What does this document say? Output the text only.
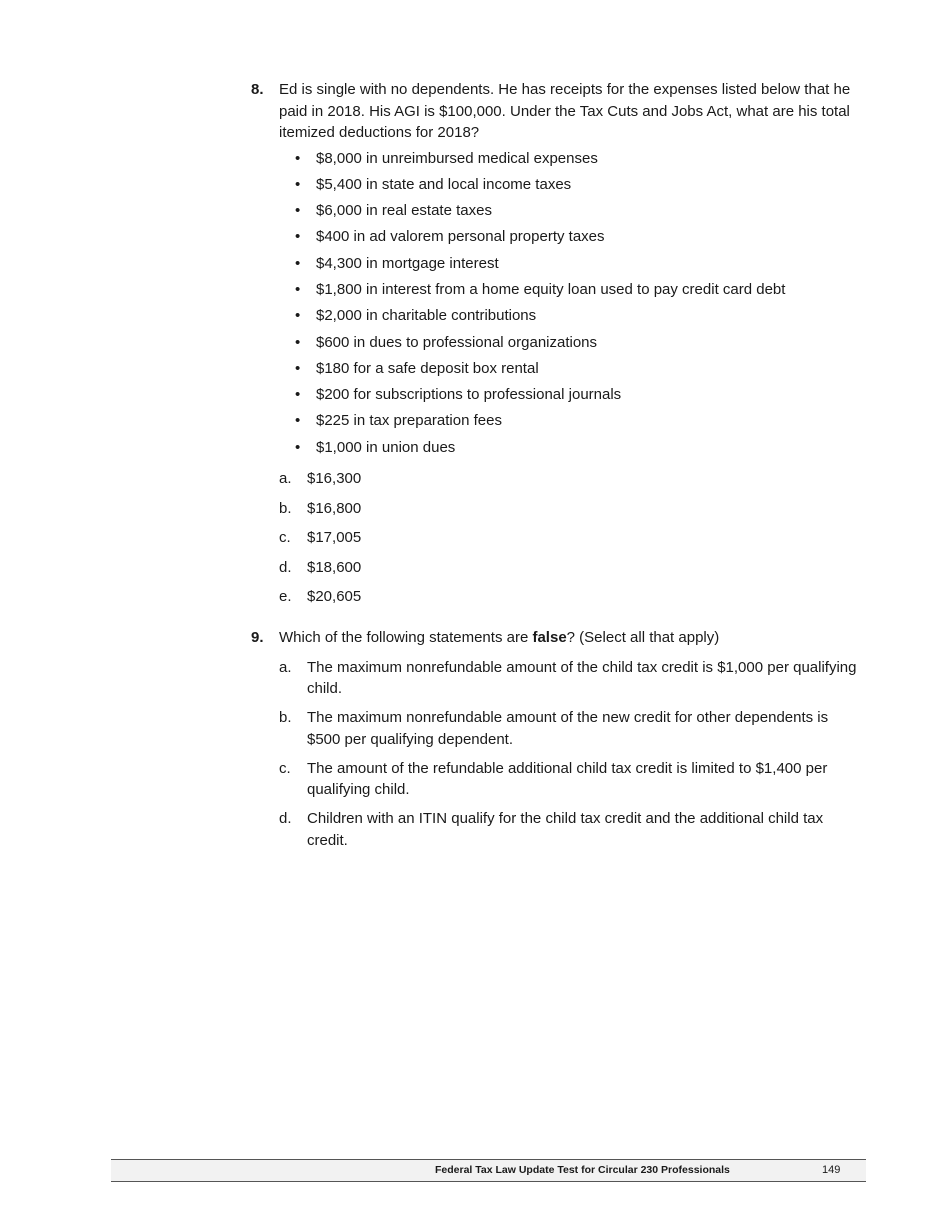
8.	Ed is single with no dependents. He has receipts for the expenses listed below that he paid in 2018. His AGI is $100,000. Under the Tax Cuts and Jobs Act, what are his total itemized deductions for 2018?
•	$8,000 in unreimbursed medical expenses
•	$5,400 in state and local income taxes
•	$6,000 in real estate taxes
•	$400 in ad valorem personal property taxes
•	$4,300 in mortgage interest
•	$1,800 in interest from a home equity loan used to pay credit card debt
•	$2,000 in charitable contributions
•	$600 in dues to professional organizations
•	$180 for a safe deposit box rental
•	$200 for subscriptions to professional journals
•	$225 in tax preparation fees
•	$1,000 in union dues
a.	$16,300
b.	$16,800
c.	$17,005
d.	$18,600
e.	$20,605
9.	Which of the following statements are false? (Select all that apply)
a.	The maximum nonrefundable amount of the child tax credit is $1,000 per qualifying child.
b.	The maximum nonrefundable amount of the new credit for other dependents is $500 per qualifying dependent.
c.	The amount of the refundable additional child tax credit is limited to $1,400 per qualifying child.
d.	Children with an ITIN qualify for the child tax credit and the additional child tax credit.
Federal Tax Law Update Test for Circular 230 Professionals	149
